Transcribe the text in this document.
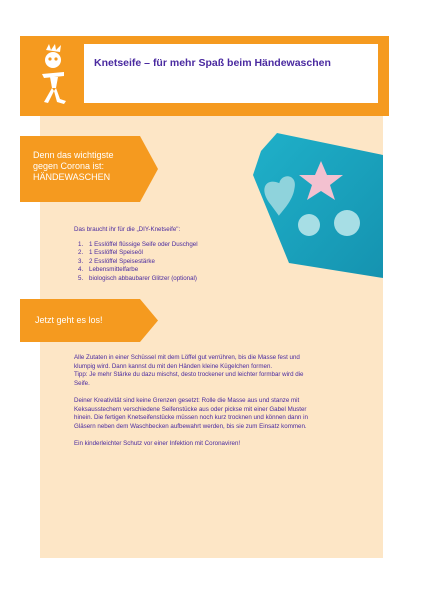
Knetseife – für mehr Spaß beim Händewaschen
Denn das wichtigste
gegen Corona ist:
HÄNDEWASCHEN
Jetzt geht es los!
Das braucht ihr für die „DIY-Knetseife":
1. 1 Esslöffel flüssige Seife oder Duschgel
2. 1 Esslöffel Speiseöl
3. 2 Esslöffel Speisestärke
4. Lebensmittelfarbe
5. biologisch abbaubarer Glitzer (optional)

Alle Zutaten in einer Schüssel mit dem Löffel gut verrühren, bis die Masse fest und
klumpig wird. Dann kannst du mit den Händen kleine Kügelchen formen.
Tipp: Je mehr Stärke du dazu mischst, desto trockener und leichter formbar wird die
Seife.

Deiner Kreativität sind keine Grenzen gesetzt: Rolle die Masse aus und stanze mit
Keksausstechern verschiedene Seifenstücke aus oder pickse mit einer Gabel Muster
hinein. Die fertigen Knetseifenstücke müssen noch kurz trocknen und können dann in
Gläsern neben dem Waschbecken aufbewahrt werden, bis sie zum Einsatz kommen.

Ein kinderleichter Schutz vor einer Infektion mit Coronaviren!
